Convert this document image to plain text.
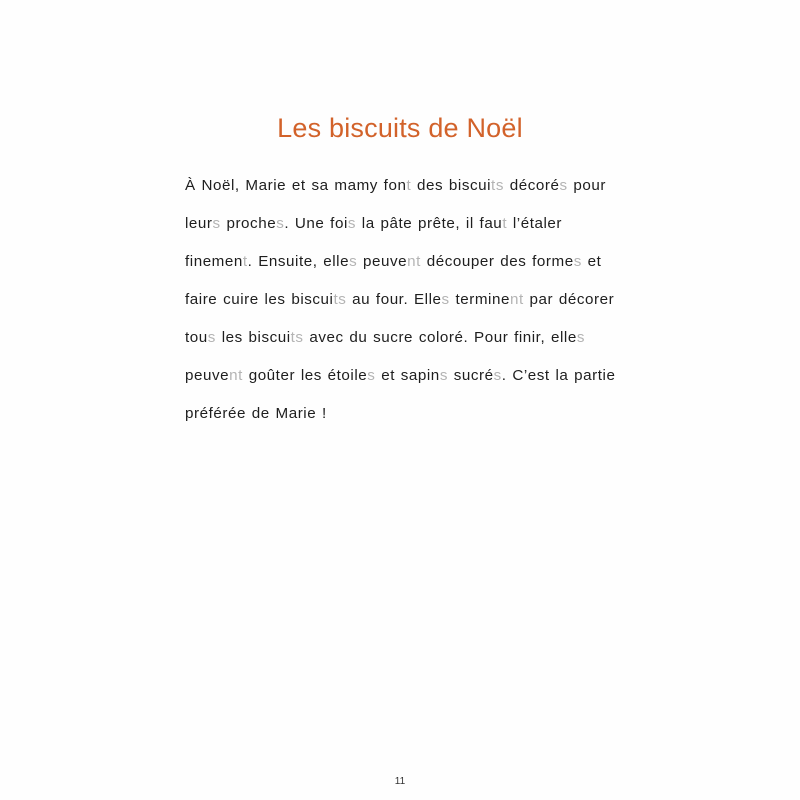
Les biscuits de Noël
À Noël, Marie et sa mamy font des biscuits décorés pour
leurs proches. Une fois la pâte prête, il faut l’étaler
finement. Ensuite, elles peuvent découper des formes et
faire cuire les biscuits au four. Elles terminent par décorer
tous les biscuits avec du sucre coloré. Pour finir, elles
peuvent goûter les étoiles et sapins sucrés. C’est la partie
préférée de Marie !
11
